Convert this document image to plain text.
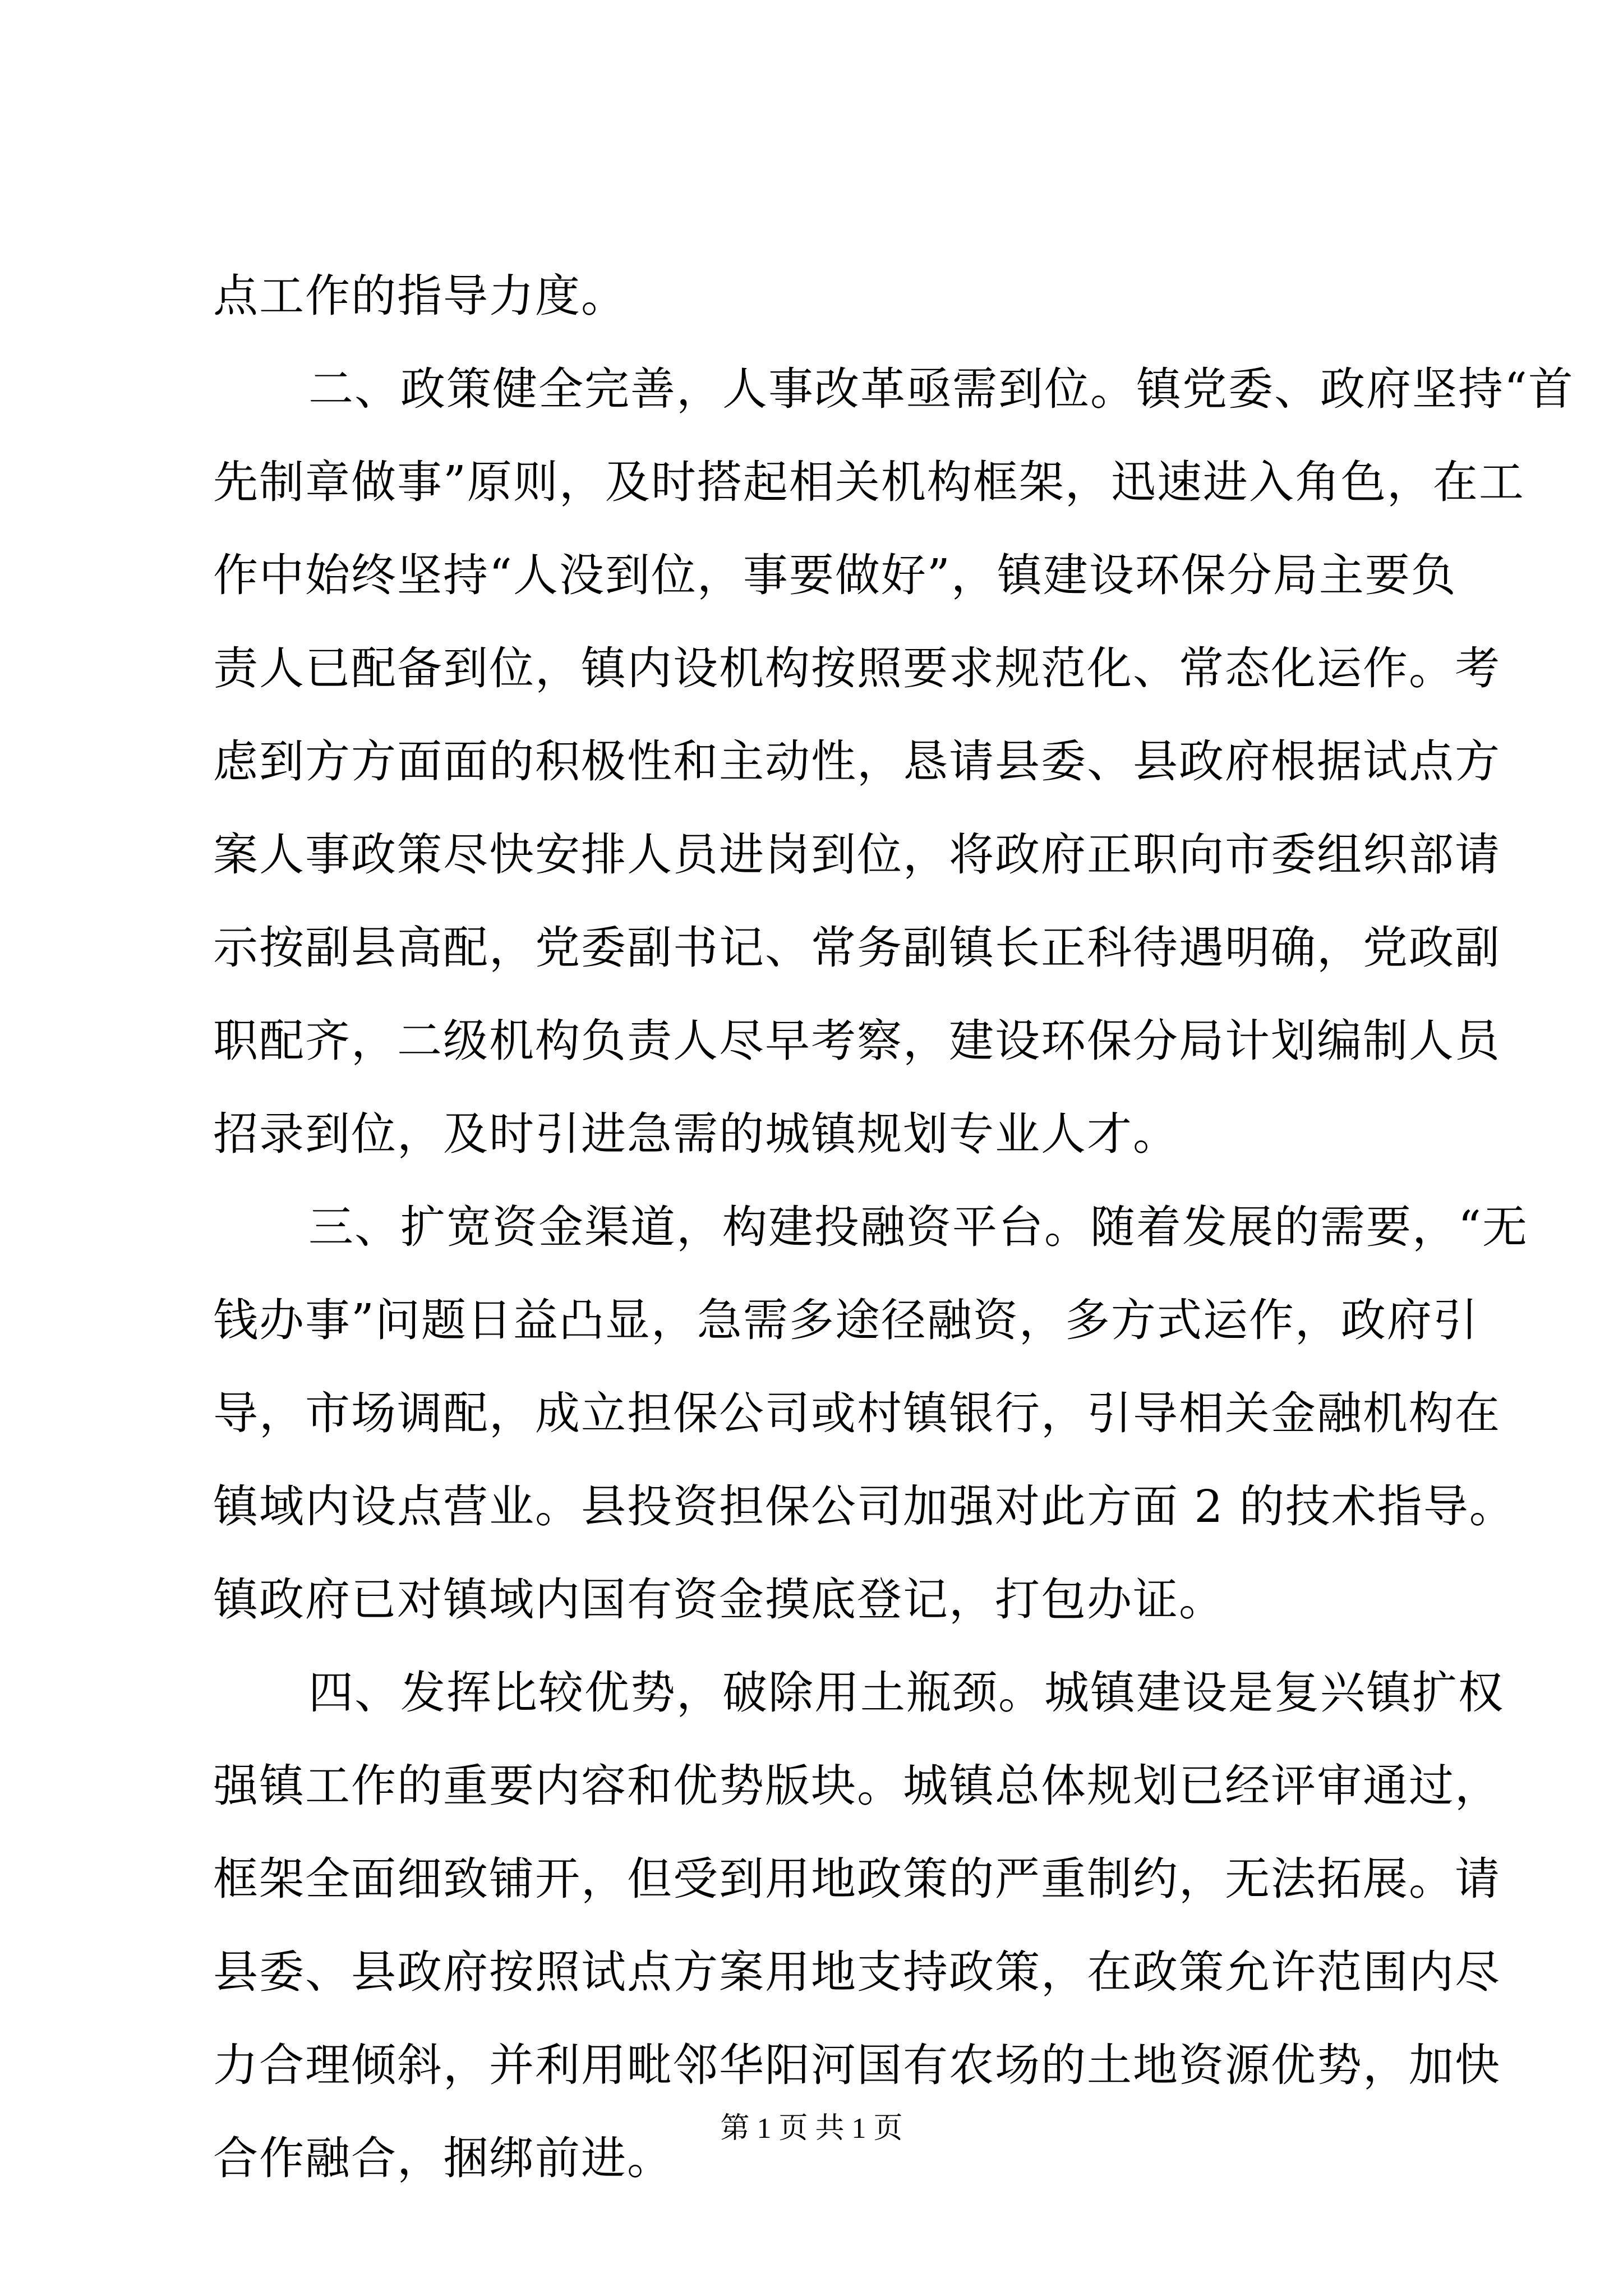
点工作的指导力度。
二、政策健全完善，人事改革亟需到位。镇党委、政府坚持“首
先制章做事”原则，及时搭起相关机构框架，迅速进入角色，在工
作中始终坚持“人没到位，事要做好”，镇建设环保分局主要负
责人已配备到位，镇内设机构按照要求规范化、常态化运作。考
虑到方方面面的积极性和主动性，恳请县委、县政府根据试点方
案人事政策尽快安排人员进岗到位，将政府正职向市委组织部请
示按副县高配，党委副书记、常务副镇长正科待遇明确，党政副
职配齐，二级机构负责人尽早考察，建设环保分局计划编制人员
招录到位，及时引进急需的城镇规划专业人才。
三、扩宽资金渠道，构建投融资平台。随着发展的需要，“无
钱办事”问题日益凸显，急需多途径融资，多方式运作，政府引
导，市场调配，成立担保公司或村镇银行，引导相关金融机构在
镇域内设点营业。县投资担保公司加强对此方面 2 的技术指导。
镇政府已对镇域内国有资金摸底登记，打包办证。
四、发挥比较优势，破除用土瓶颈。城镇建设是复兴镇扩权
强镇工作的重要内容和优势版块。城镇总体规划已经评审通过，
框架全面细致铺开，但受到用地政策的严重制约，无法拓展。请
县委、县政府按照试点方案用地支持政策，在政策允许范围内尽
力合理倾斜，并利用毗邻华阳河国有农场的土地资源优势，加快
合作融合，捆绑前进。
第 1 页 共 1 页
